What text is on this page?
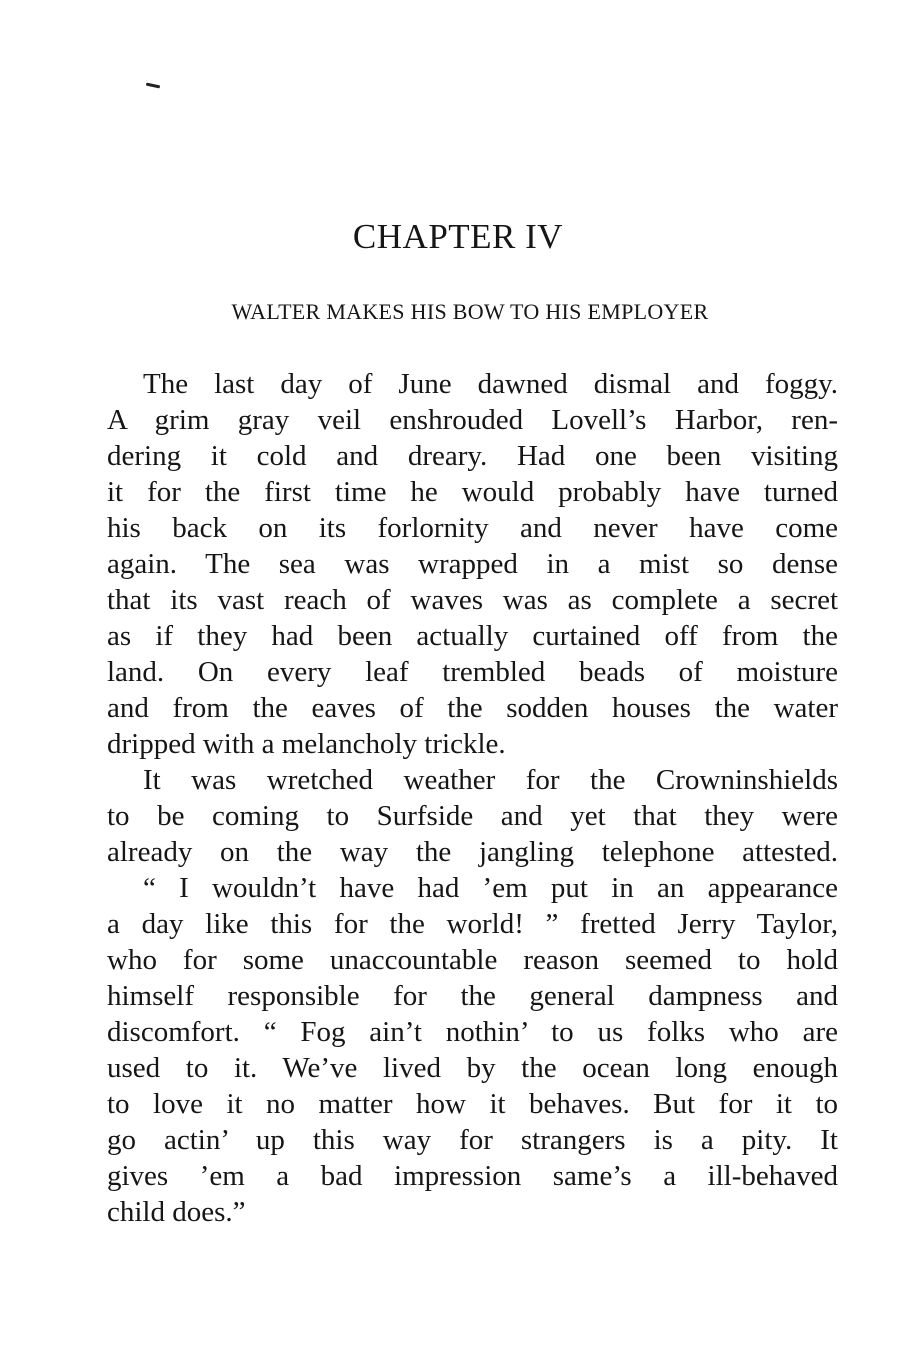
CHAPTER IV
WALTER MAKES HIS BOW TO HIS EMPLOYER
The last day of June dawned dismal and foggy.
A grim gray veil enshrouded Lovell’s Harbor, ren-
dering it cold and dreary. Had one been visiting
it for the first time he would probably have turned
his back on its forlornity and never have come
again. The sea was wrapped in a mist so dense
that its vast reach of waves was as complete a secret
as if they had been actually curtained off from the
land. On every leaf trembled beads of moisture
and from the eaves of the sodden houses the water
dripped with a melancholy trickle.
It was wretched weather for the Crowninshields
to be coming to Surfside and yet that they were
already on the way the jangling telephone attested.
“ I wouldn’t have had ’em put in an appearance
a day like this for the world! ” fretted Jerry Taylor,
who for some unaccountable reason seemed to hold
himself responsible for the general dampness and
discomfort. “ Fog ain’t nothin’ to us folks who are
used to it. We’ve lived by the ocean long enough
to love it no matter how it behaves. But for it to
go actin’ up this way for strangers is a pity. It
gives ’em a bad impression same’s a ill-behaved
child does.”
